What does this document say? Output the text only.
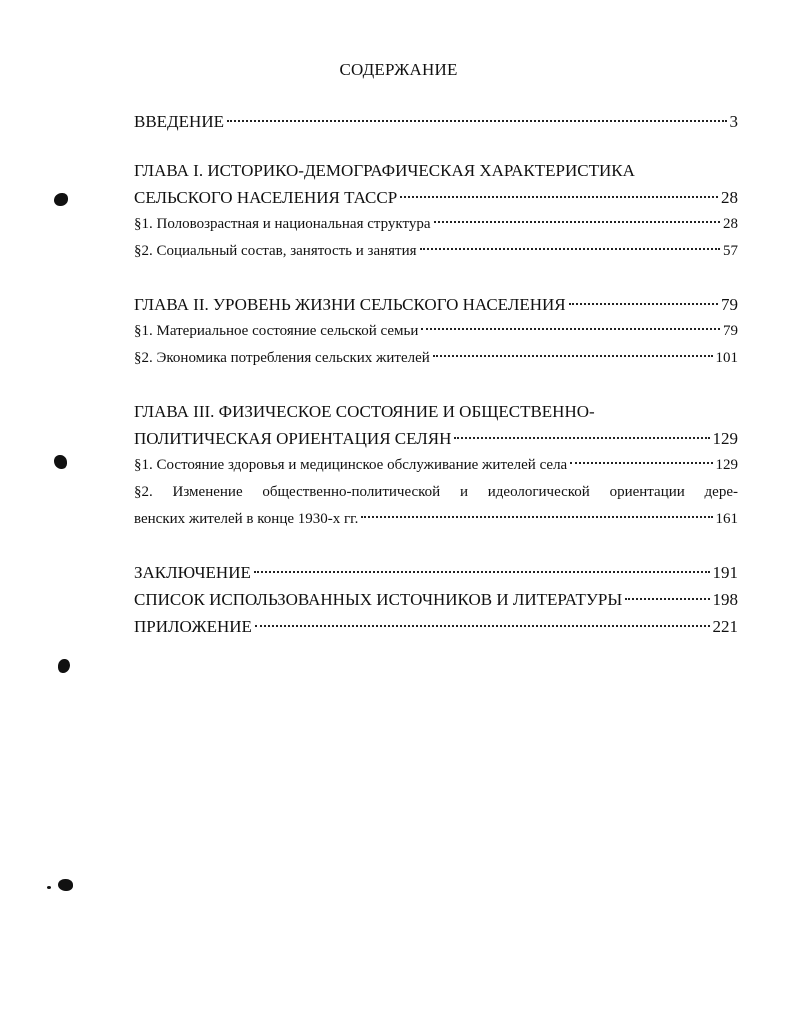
СОДЕРЖАНИЕ
ВВЕДЕНИЕ	3
ГЛАВА I. ИСТОРИКО-ДЕМОГРАФИЧЕСКАЯ ХАРАКТЕРИСТИКА
СЕЛЬСКОГО НАСЕЛЕНИЯ ТАССР	28
§1. Половозрастная и национальная структура	28
§2. Социальный состав, занятость и занятия	57
ГЛАВА II. УРОВЕНЬ ЖИЗНИ СЕЛЬСКОГО НАСЕЛЕНИЯ	79
§1. Материальное состояние сельской семьи	79
§2. Экономика потребления сельских жителей	101
ГЛАВА III. ФИЗИЧЕСКОЕ СОСТОЯНИЕ И ОБЩЕСТВЕННО-
ПОЛИТИЧЕСКАЯ ОРИЕНТАЦИЯ СЕЛЯН	129
§1. Состояние здоровья и медицинское обслуживание жителей села	129
§2. Изменение общественно-политической и идеологической ориентации дере-
венских жителей в конце 1930-х гг.	161
ЗАКЛЮЧЕНИЕ	191
СПИСОК ИСПОЛЬЗОВАННЫХ ИСТОЧНИКОВ И ЛИТЕРАТУРЫ	198
ПРИЛОЖЕНИЕ	221
